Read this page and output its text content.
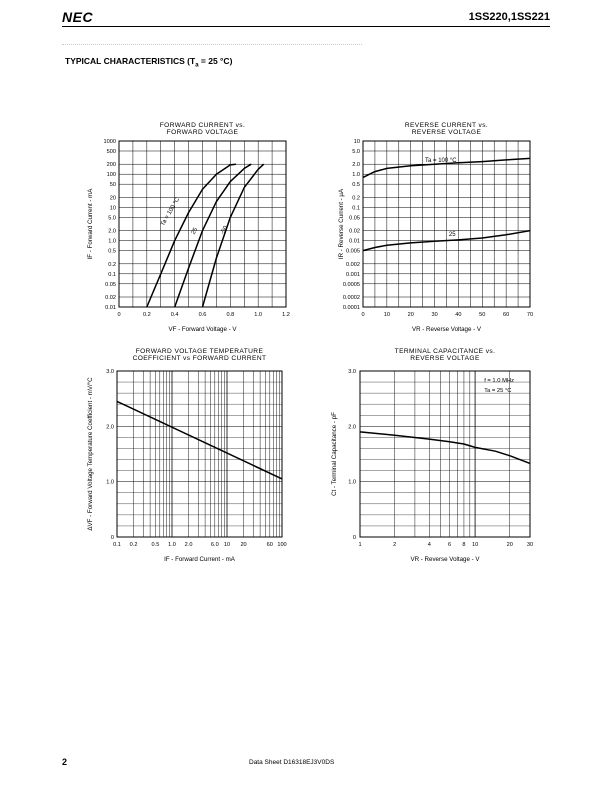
NEC	1SS220,1SS221
TYPICAL CHARACTERISTICS ($T_a = 25$ °C)
FORWARD CURRENT vs.
FORWARD VOLTAGE
1000
500
200
100
50
20
10
5.0
2.0
1.0
0.5
0.2
0.1
0.05
0.02
0.01
0	0.2	0.4	0.6	0.8	1.0	1.2
VF - Forward Voltage - V
IF - Forward Current - mA
REVERSE CURRENT vs.
REVERSE VOLTAGE
10
5.0
2.0
1.0
0.5
0.2
0.1
0.05
0.02
0.01
0.005
0.002
0.001
0.0005
0.0002
0.0001
0	10	20	30	40	50	60	70
VR - Reverse Voltage - V
IR - Reverse Current - µA
FORWARD VOLTAGE TEMPERATURE
COEFFICIENT vs FORWARD CURRENT
0
1.0
2.0
3.0
0.1 0.2	0.5 1.0 2.0	6.0 10 20	60 100
IF - Forward Current - mA
ΔVF - Forward Voltage Temperature Coefficient - mV/°C
TERMINAL CAPACITANCE vs.
REVERSE VOLTAGE
0
1.0
2.0
3.0
1	2	4	6 8 10	20	30
VR - Reverse Voltage - V
Ct - Terminal Capacitance - pF
Ta = 100 °C
25	-50
Ta = 100 °C
25
f = 1.0 MHz
Ta = 25 °C
2	Data Sheet D16318EJ3V0DS
